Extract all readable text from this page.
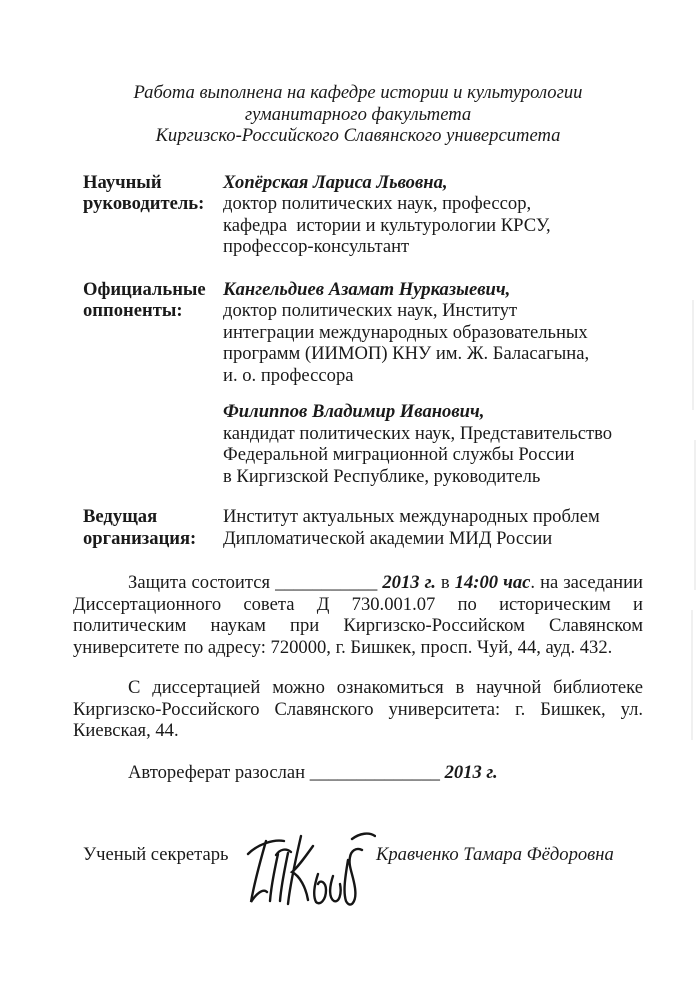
Работа выполнена на кафедре истории и культурологии
гуманитарного факультета
Киргизско-Российского Славянского университета
Научный
руководитель:
Хопёрская Лариса Львовна,
доктор политических наук, профессор,
кафедра  истории и культурологии КРСУ,
профессор-консультант
Официальные
оппоненты:
Кангельдиев Азамат Нурказыевич,
доктор политических наук, Институт
интеграции международных образовательных
программ (ИИМОП) КНУ им. Ж. Баласагына,
и. о. профессора
Филиппов Владимир Иванович,
кандидат политических наук, Представительство
Федеральной миграционной службы России
в Киргизской Республике, руководитель
Ведущая
организация:
Институт актуальных международных проблем
Дипломатической академии МИД России

Защита состоится ___________ 2013 г. в 14:00 час. на заседании Диссертационного совета Д 730.001.07 по историческим и политическим наукам при Киргизско-Российском Славянском университете по адресу: 720000, г. Бишкек, просп. Чуй, 44, ауд. 432.

С диссертацией можно ознакомиться в научной библиотеке Киргизско-Российского Славянского университета: г. Бишкек, ул. Киевская, 44.

Автореферат разослан ______________ 2013 г.

Ученый секретарь	Кравченко Тамара Фёдоровна
